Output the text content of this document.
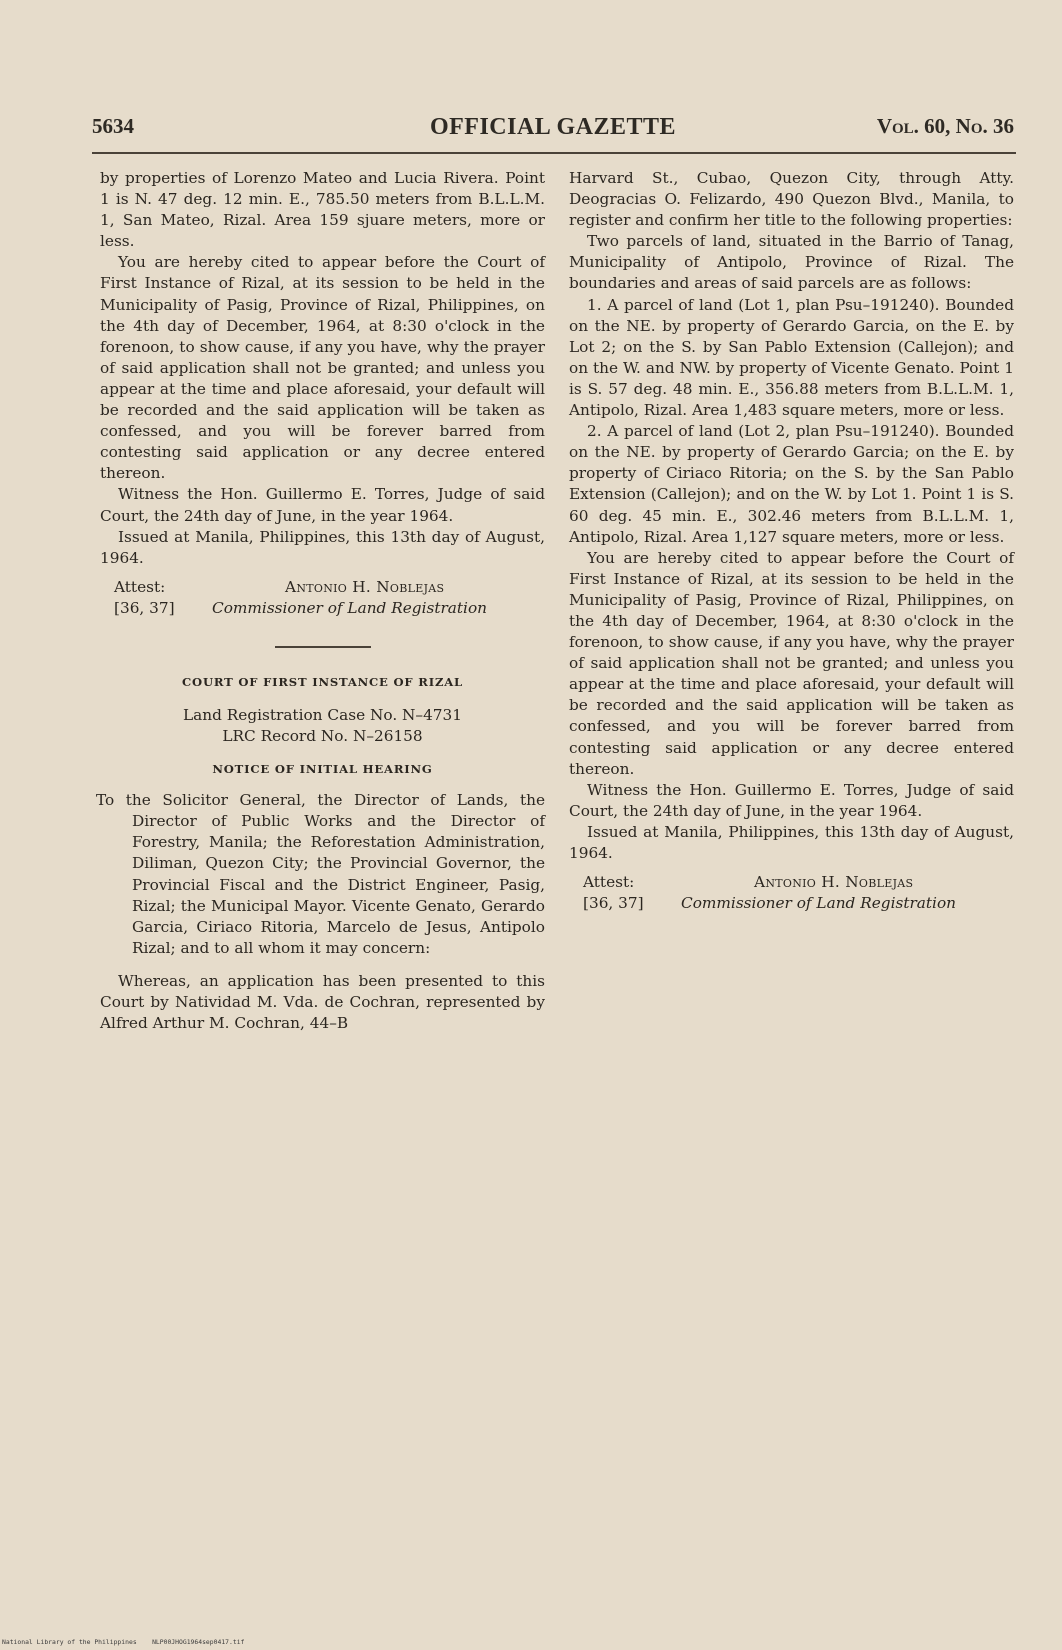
5634	OFFICIAL GAZETTE	Vol. 60, No. 36

by properties of Lorenzo Mateo and Lucia Rivera. Point 1 is N. 47 deg. 12 min. E., 785.50 meters from B.L.L.M. 1, San Mateo, Rizal. Area 159 sjuare meters, more or less.

You are hereby cited to appear before the Court of First Instance of Rizal, at its session to be held in the Municipality of Pasig, Province of Rizal, Philippines, on the 4th day of December, 1964, at 8:30 o'clock in the forenoon, to show cause, if any you have, why the prayer of said application shall not be granted; and unless you appear at the time and place aforesaid, your default will be recorded and the said application will be taken as confessed, and you will be forever barred from contesting said application or any decree entered thereon.

Witness the Hon. Guillermo E. Torres, Judge of said Court, the 24th day of June, in the year 1964.

Issued at Manila, Philippines, this 13th day of August, 1964.

Attest:	Antonio H. Noblejas
[36, 37] Commissioner of Land Registration

COURT OF FIRST INSTANCE OF RIZAL

Land Registration Case No. N–4731

LRC Record No. N–26158

NOTICE OF INITIAL HEARING

To the Solicitor General, the Director of Lands, the Director of Public Works and the Director of Forestry, Manila; the Reforestation Administration, Diliman, Quezon City; the Provincial Governor, the Provincial Fiscal and the District Engineer, Pasig, Rizal; the Municipal Mayor. Vicente Genato, Gerardo Garcia, Ciriaco Ritoria, Marcelo de Jesus, Antipolo Rizal; and to all whom it may concern:

Whereas, an application has been presented to this Court by Natividad M. Vda. de Cochran, represented by Alfred Arthur M. Cochran, 44–B

Harvard St., Cubao, Quezon City, through Atty. Deogracias O. Felizardo, 490 Quezon Blvd., Manila, to register and confirm her title to the following properties:

Two parcels of land, situated in the Barrio of Tanag, Municipality of Antipolo, Province of Rizal. The boundaries and areas of said parcels are as follows:

1. A parcel of land (Lot 1, plan Psu–191240). Bounded on the NE. by property of Gerardo Garcia, on the E. by Lot 2; on the S. by San Pablo Extension (Callejon); and on the W. and NW. by property of Vicente Genato. Point 1 is S. 57 deg. 48 min. E., 356.88 meters from B.L.L.M. 1, Antipolo, Rizal. Area 1,483 square meters, more or less.

2. A parcel of land (Lot 2, plan Psu–191240). Bounded on the NE. by property of Gerardo Garcia; on the E. by property of Ciriaco Ritoria; on the S. by the San Pablo Extension (Callejon); and on the W. by Lot 1. Point 1 is S. 60 deg. 45 min. E., 302.46 meters from B.L.L.M. 1, Antipolo, Rizal. Area 1,127 square meters, more or less.

You are hereby cited to appear before the Court of First Instance of Rizal, at its session to be held in the Municipality of Pasig, Province of Rizal, Philippines, on the 4th day of December, 1964, at 8:30 o'clock in the forenoon, to show cause, if any you have, why the prayer of said application shall not be granted; and unless you appear at the time and place aforesaid, your default will be recorded and the said application will be taken as confessed, and you will be forever barred from contesting said application or any decree entered thereon.

Witness the Hon. Guillermo E. Torres, Judge of said Court, the 24th day of June, in the year 1964.

Issued at Manila, Philippines, this 13th day of August, 1964.

Attest:	Antonio H. Noblejas
[36, 37] Commissioner of Land Registration
National Library of the Philippines NLP00JHOG1964sep0417.tif
